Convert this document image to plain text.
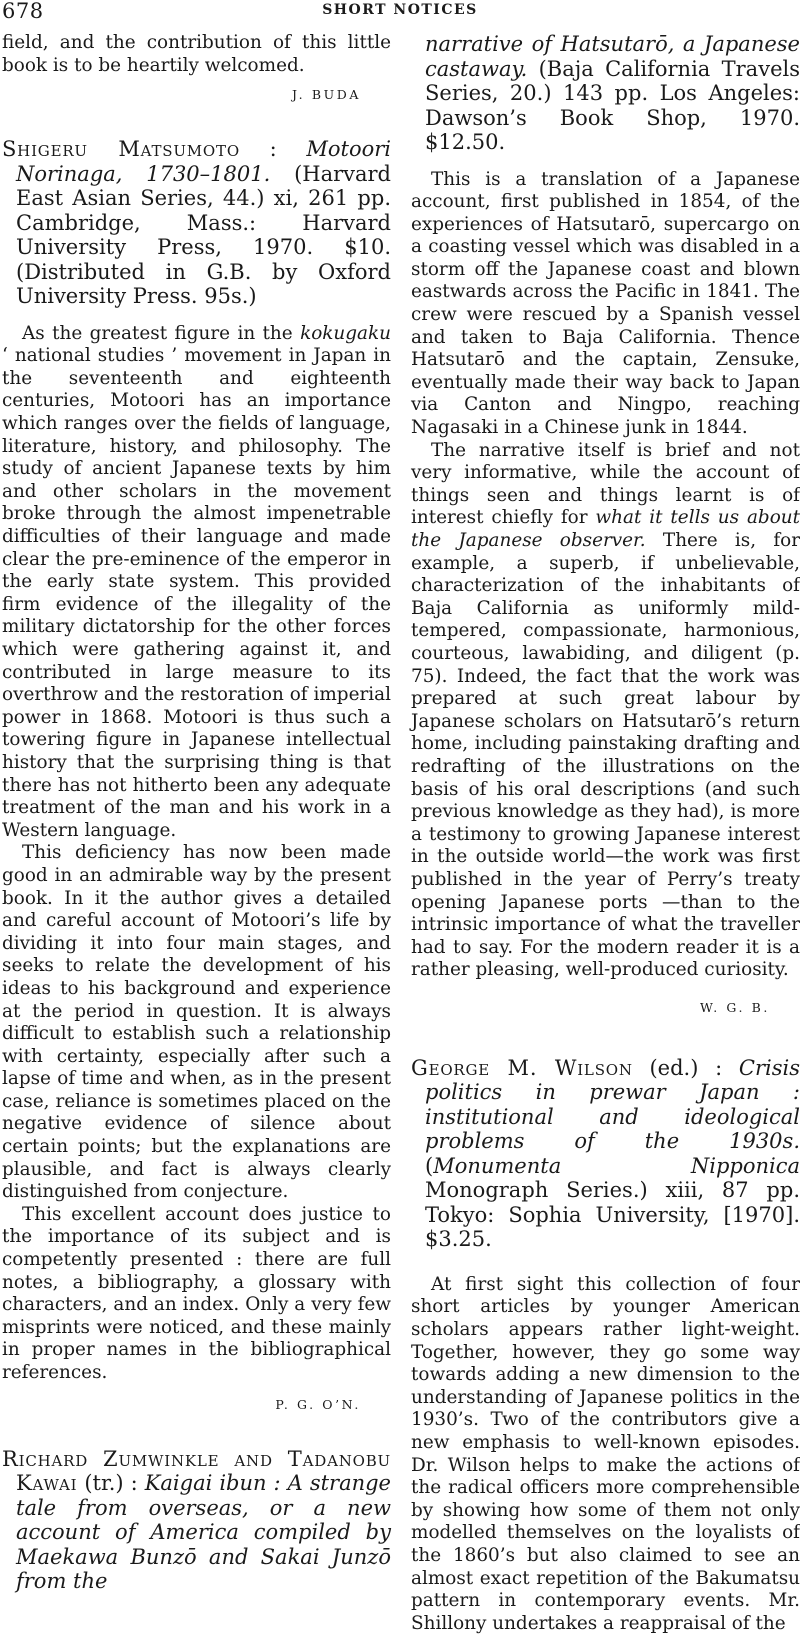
678	SHORT NOTICES

field, and the contribution of this little book is to be heartily welcomed.

J. BUDA

Shigeru Matsumoto : Motoori Norinaga, 1730–1801. (Harvard East Asian Series, 44.) xi, 261 pp. Cambridge, Mass.: Harvard University Press, 1970. $10. (Distributed in G.B. by Oxford University Press. 95s.)

As the greatest figure in the kokugaku ‘ national studies ’ movement in Japan in the seventeenth and eighteenth centuries, Motoori has an importance which ranges over the fields of language, literature, history, and philosophy. The study of ancient Japanese texts by him and other scholars in the movement broke through the almost impenetrable difficulties of their language and made clear the pre-eminence of the emperor in the early state system. This provided firm evidence of the illegality of the military dictatorship for the other forces which were gathering against it, and contributed in large measure to its overthrow and the restoration of imperial power in 1868. Motoori is thus such a towering figure in Japanese intellectual history that the surprising thing is that there has not hitherto been any adequate treatment of the man and his work in a Western language.

This deficiency has now been made good in an admirable way by the present book. In it the author gives a detailed and careful account of Motoori’s life by dividing it into four main stages, and seeks to relate the development of his ideas to his background and experience at the period in question. It is always difficult to establish such a relationship with certainty, especially after such a lapse of time and when, as in the present case, reliance is sometimes placed on the negative evidence of silence about certain points; but the explanations are plausible, and fact is always clearly distinguished from conjecture.

This excellent account does justice to the importance of its subject and is competently presented : there are full notes, a bibliography, a glossary with characters, and an index. Only a very few misprints were noticed, and these mainly in proper names in the bibliographical references.

P. G. O’N.

Richard Zumwinkle and Tadanobu Kawai (tr.) : Kaigai ibun : A strange tale from overseas, or a new account of America compiled by Maekawa Bunzō and Sakai Junzō from the

narrative of Hatsutarō, a Japanese castaway. (Baja California Travels Series, 20.) 143 pp. Los Angeles: Dawson’s Book Shop, 1970. $12.50.

This is a translation of a Japanese account, first published in 1854, of the experiences of Hatsutarō, supercargo on a coasting vessel which was disabled in a storm off the Japanese coast and blown eastwards across the Pacific in 1841. The crew were rescued by a Spanish vessel and taken to Baja California. Thence Hatsutarō and the captain, Zensuke, eventually made their way back to Japan via Canton and Ningpo, reaching Nagasaki in a Chinese junk in 1844.

The narrative itself is brief and not very informative, while the account of things seen and things learnt is of interest chiefly for what it tells us about the Japanese observer. There is, for example, a superb, if unbelievable, characterization of the inhabitants of Baja California as uniformly mild-tempered, compassionate, harmonious, courteous, lawabiding, and diligent (p. 75). Indeed, the fact that the work was prepared at such great labour by Japanese scholars on Hatsutarō’s return home, including painstaking drafting and redrafting of the illustrations on the basis of his oral descriptions (and such previous knowledge as they had), is more a testimony to growing Japanese interest in the outside world—the work was first published in the year of Perry’s treaty opening Japanese ports —than to the intrinsic importance of what the traveller had to say. For the modern reader it is a rather pleasing, well-produced curiosity.

W. G. B.

George M. Wilson (ed.) : Crisis politics in prewar Japan : institutional and ideological problems of the 1930s. (Monumenta Nipponica Monograph Series.) xiii, 87 pp. Tokyo: Sophia University, [1970]. $3.25.

At first sight this collection of four short articles by younger American scholars appears rather light-weight. Together, however, they go some way towards adding a new dimension to the understanding of Japanese politics in the 1930’s. Two of the contributors give a new emphasis to well-known episodes. Dr. Wilson helps to make the actions of the radical officers more comprehensible by showing how some of them not only modelled themselves on the loyalists of the 1860’s but also claimed to see an almost exact repetition of the Bakumatsu pattern in contemporary events. Mr. Shillony undertakes a reappraisal of the
